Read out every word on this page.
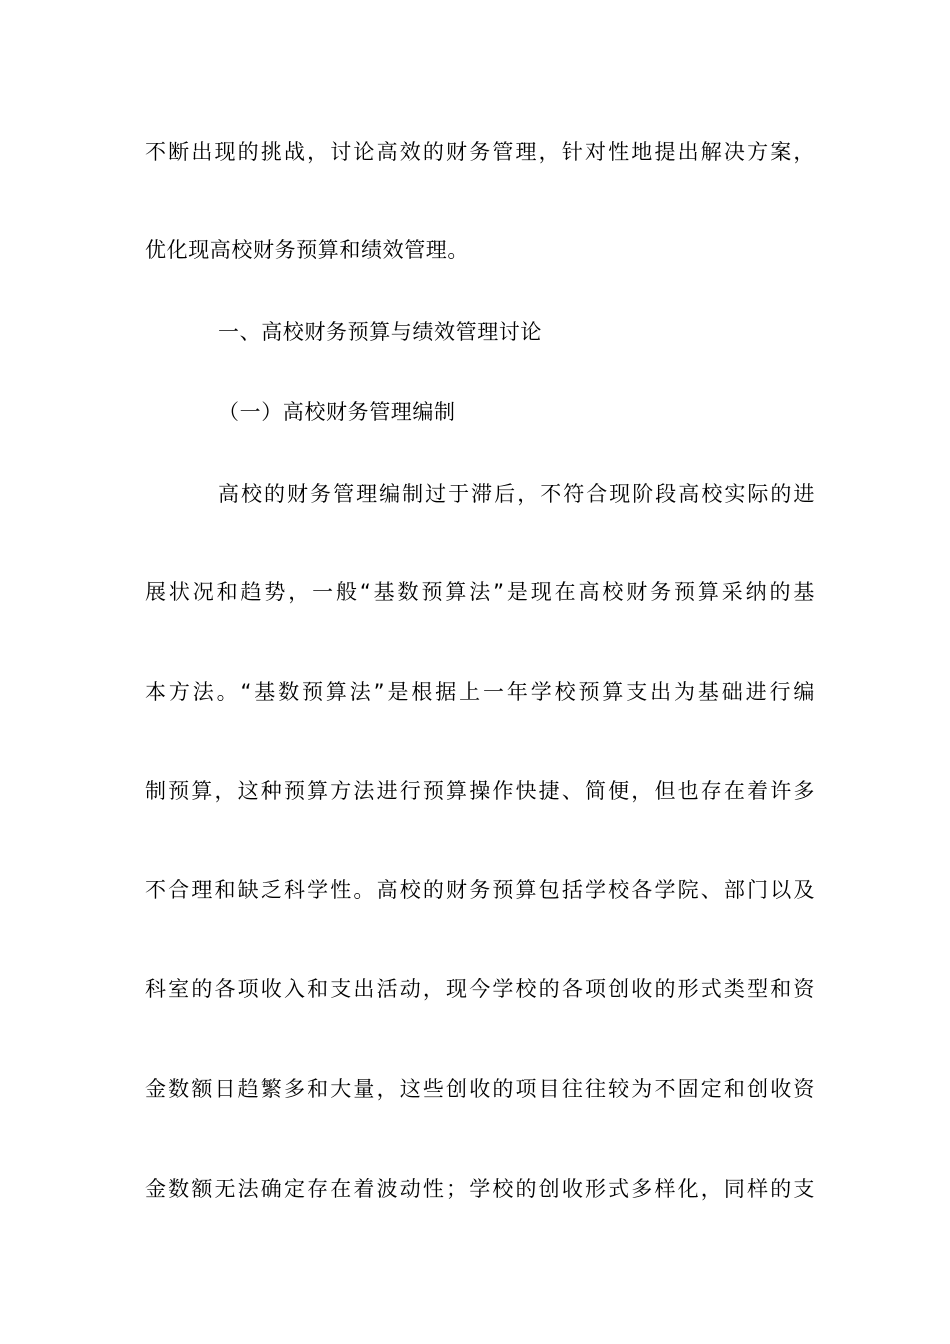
不断出现的挑战，讨论高效的财务管理，针对性地提出解决方案，
优化现高校财务预算和绩效管理。
一、高校财务预算与绩效管理讨论
（一）高校财务管理编制
高校的财务管理编制过于滞后，不符合现阶段高校实际的进
展状况和趋势，一般“基数预算法”是现在高校财务预算采纳的基
本方法。“基数预算法”是根据上一年学校预算支出为基础进行编
制预算，这种预算方法进行预算操作快捷、简便，但也存在着许多
不合理和缺乏科学性。高校的财务预算包括学校各学院、部门以及
科室的各项收入和支出活动，现今学校的各项创收的形式类型和资
金数额日趋繁多和大量，这些创收的项目往往较为不固定和创收资
金数额无法确定存在着波动性；学校的创收形式多样化，同样的支
